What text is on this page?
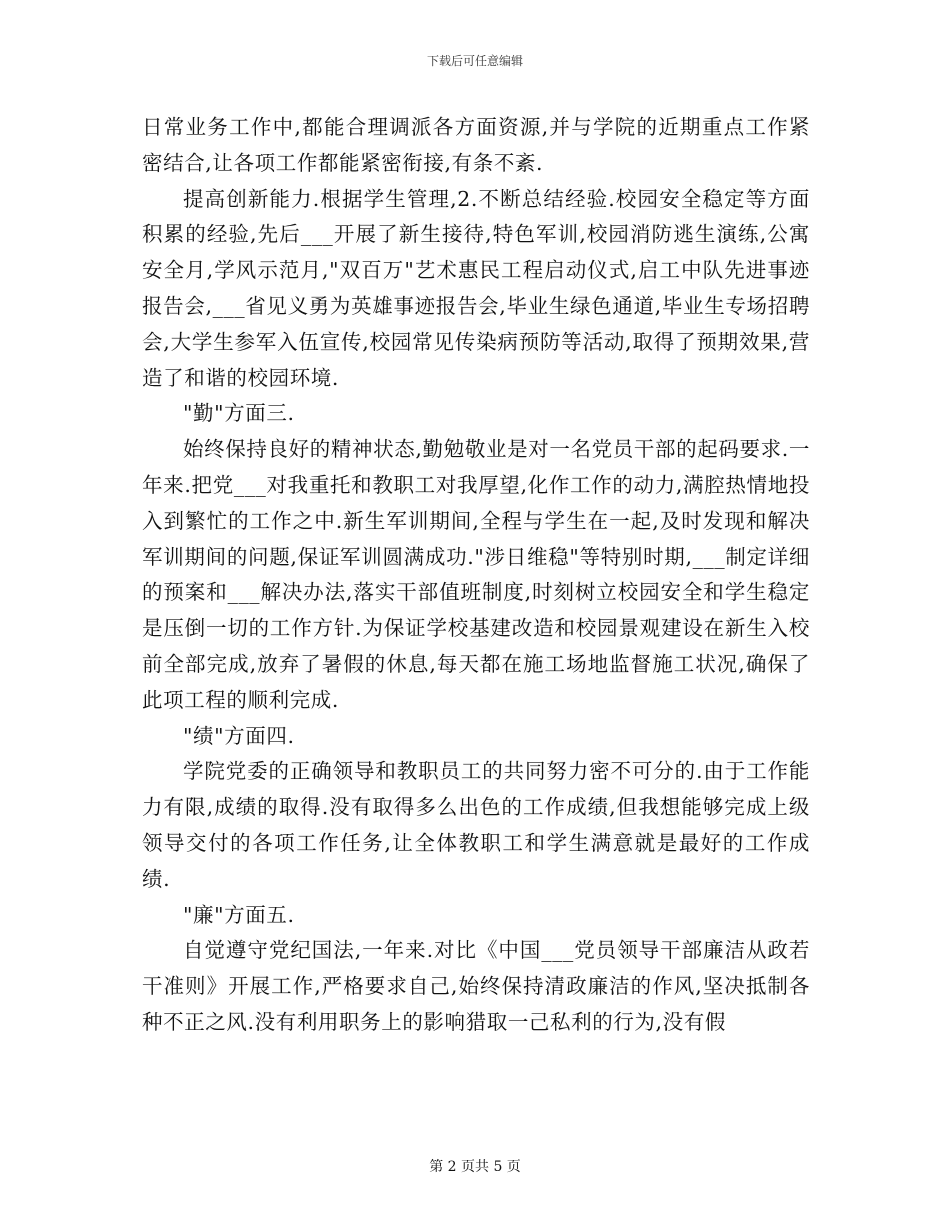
下载后可任意编辑

日常业务工作中,都能合理调派各方面资源,并与学院的近期重点工作紧密结合,让各项工作都能紧密衔接,有条不紊.

提高创新能力.根据学生管理,2.不断总结经验.校园安全稳定等方面积累的经验,先后___开展了新生接待,特色军训,校园消防逃生演练,公寓安全月,学风示范月,"双百万"艺术惠民工程启动仪式,启工中队先进事迹报告会,___省见义勇为英雄事迹报告会,毕业生绿色通道,毕业生专场招聘会,大学生参军入伍宣传,校园常见传染病预防等活动,取得了预期效果,营造了和谐的校园环境.

"勤"方面三.

始终保持良好的精神状态,勤勉敬业是对一名党员干部的起码要求.一年来.把党___对我重托和教职工对我厚望,化作工作的动力,满腔热情地投入到繁忙的工作之中.新生军训期间,全程与学生在一起,及时发现和解决军训期间的问题,保证军训圆满成功."涉日维稳"等特别时期,___制定详细的预案和___解决办法,落实干部值班制度,时刻树立校园安全和学生稳定是压倒一切的工作方针.为保证学校基建改造和校园景观建设在新生入校前全部完成,放弃了暑假的休息,每天都在施工场地监督施工状况,确保了此项工程的顺利完成.

"绩"方面四.

学院党委的正确领导和教职员工的共同努力密不可分的.由于工作能力有限,成绩的取得.没有取得多么出色的工作成绩,但我想能够完成上级领导交付的各项工作任务,让全体教职工和学生满意就是最好的工作成绩.

"廉"方面五.

自觉遵守党纪国法,一年来.对比《中国___党员领导干部廉洁从政若干准则》开展工作,严格要求自己,始终保持清政廉洁的作风,坚决抵制各种不正之风.没有利用职务上的影响猎取一己私利的行为,没有假

第 2 页共 5 页
